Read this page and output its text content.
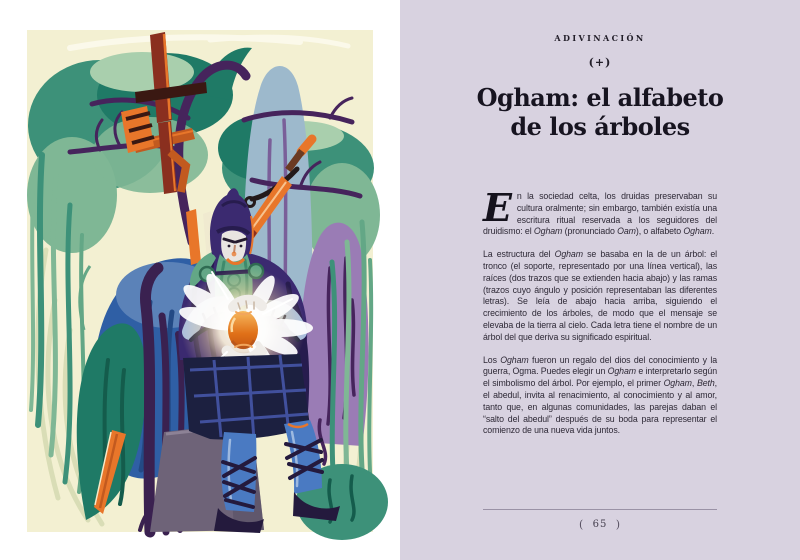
ADIVINACIÓN
(+)
Ogham: el alfabeto
de los árboles

En la sociedad celta, los druidas preservaban su cultura oralmente; sin embargo, también existía una escritura ritual reservada a los seguidores del druidismo: el Ogham (pronunciado Oam), o alfabeto Ogham.

La estructura del Ogham se basaba en la de un árbol: el tronco (el soporte, representado por una línea vertical), las raíces (dos trazos que se extienden hacia abajo) y las ramas (trazos cuyo ángulo y posición representaban las diferentes letras). Se leía de abajo hacia arriba, siguiendo el crecimiento de los árboles, de modo que el mensaje se elevaba de la tierra al cielo. Cada letra tiene el nombre de un árbol del que deriva su significado espiritual.

Los Ogham fueron un regalo del dios del conocimiento y la guerra, Ogma. Puedes elegir un Ogham e interpretarlo según el simbolismo del árbol. Por ejemplo, el primer Ogham, Beth, el abedul, invita al renacimiento, al conocimiento y al amor, tanto que, en algunas comunidades, las parejas daban el “salto del abedul” después de su boda para representar el comienzo de una nueva vida juntos.

( 65 )
